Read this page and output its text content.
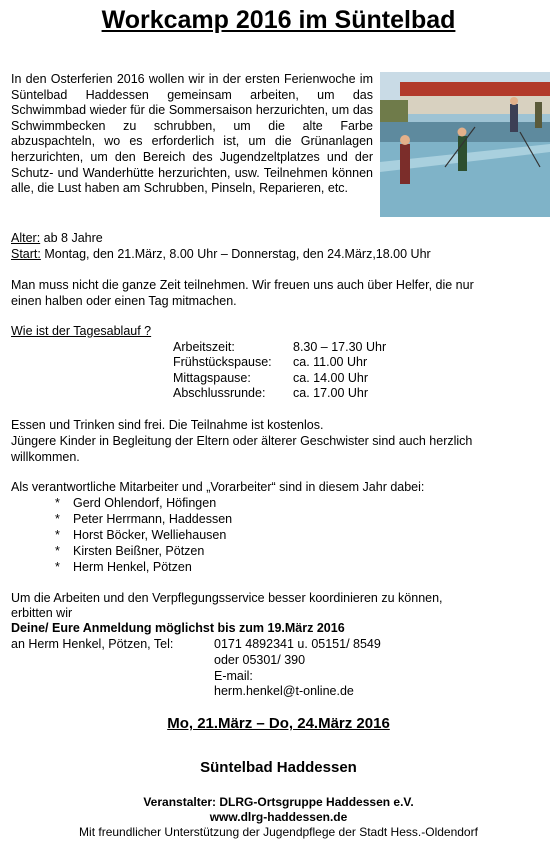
Workcamp 2016 im Süntelbad
In den Osterferien 2016 wollen wir in der ersten Ferienwoche im Süntelbad Haddessen gemeinsam arbeiten, um das Schwimmbad wieder für die Sommersaison herzurichten, um das Schwimmbecken zu schrubben, um die alte Farbe abzuspachteln, wo es erforderlich ist, um die Grünanlagen herzurichten, um den Bereich des Jugendzeltplatzes und der Schutz- und Wanderhütte herzurichten, usw. Teilnehmen können alle, die Lust haben am Schrubben, Pinseln, Reparieren, etc.
Alter: ab 8 Jahre
Start: Montag, den 21.März, 8.00 Uhr – Donnerstag, den 24.März,18.00 Uhr
Man muss nicht die ganze Zeit teilnehmen. Wir freuen uns auch über Helfer, die nur
einen halben oder einen Tag mitmachen.
Wie ist der Tagesablauf ?
Arbeitszeit:	8.30 – 17.30 Uhr
Frühstückspause: ca. 11.00 Uhr
Mittagspause:	ca. 14.00 Uhr
Abschlussrunde: ca. 17.00 Uhr
Essen und Trinken sind frei. Die Teilnahme ist kostenlos.
Jüngere Kinder in Begleitung der Eltern oder älterer Geschwister sind auch herzlich
willkommen.
Als verantwortliche Mitarbeiter und „Vorarbeiter“ sind in diesem Jahr dabei:
* Gerd Ohlendorf, Höfingen
* Peter Herrmann, Haddessen
* Horst Böcker, Welliehausen
* Kirsten Beißner, Pötzen
* Herm Henkel, Pötzen
Um die Arbeiten und den Verpflegungsservice besser koordinieren zu können,
erbitten wir
Deine/ Eure Anmeldung möglichst bis zum 19.März 2016
an Herm Henkel, Pötzen, Tel:	0171 4892341 u. 05151/ 8549
oder 05301/ 390
E-mail:
herm.henkel@t-online.de
Mo, 21.März – Do, 24.März 2016
Süntelbad Haddessen
Veranstalter: DLRG-Ortsgruppe Haddessen e.V.
www.dlrg-haddessen.de
Mit freundlicher Unterstützung der Jugendpflege der Stadt Hess.-Oldendorf
